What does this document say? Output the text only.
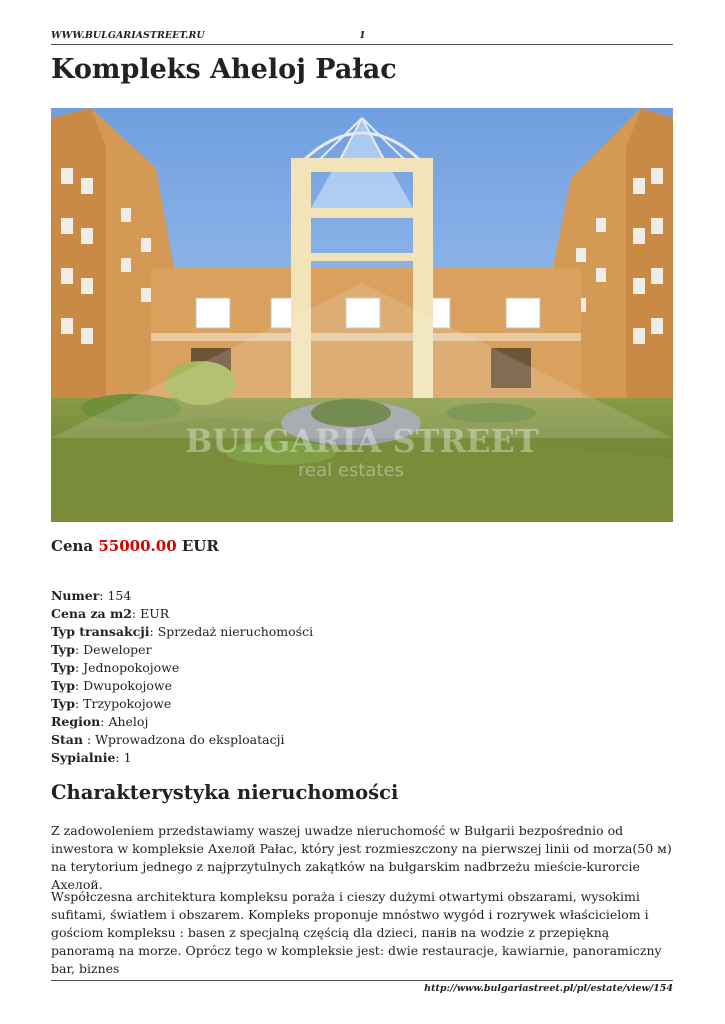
WWW.BULGARIASTREET.RU	1
Kompleks Aheloj Pałac
BULGARIA STREET
real estates
Cena 55000.00 EUR
Numer: 154
Cena za m2: EUR
Typ transakcji: Sprzedaż nieruchomości
Typ: Deweloper
Typ: Jednopokojowe
Typ: Dwupokojowe
Typ: Trzypokojowe
Region: Aheloj
Stan : Wprowadzona do eksploatacji
Sypialnie: 1
Charakterystyka nieruchomości

Z zadowoleniem przedstawiamy waszej uwadze nieruchomość w Bułgarii bezpośrednio od inwestora w kompleksie Ахелой Pałac, który jest rozmieszczony na pierwszej linii od morza(50 м) na terytorium jednego z najprzytulnych zakątków na bułgarskim nadbrzeżu mieście-kurorcie Ахелой.

Współczesna architektura kompleksu poraża i cieszy dużymi otwartymi obszarami, wysokimi sufitami, światłem i obszarem. Kompleks proponuje mnóstwo wygód i rozrywek właścicielom i gościom kompleksu : basen z specjalną częścią dla dzieci, панів na wodzie z przepiękną panoramą na morze. Oprócz tego w kompleksie jest: dwie restauracje, kawiarnie, panoramiczny bar, biznes

http://www.bulgariastreet.pl/pl/estate/view/154
